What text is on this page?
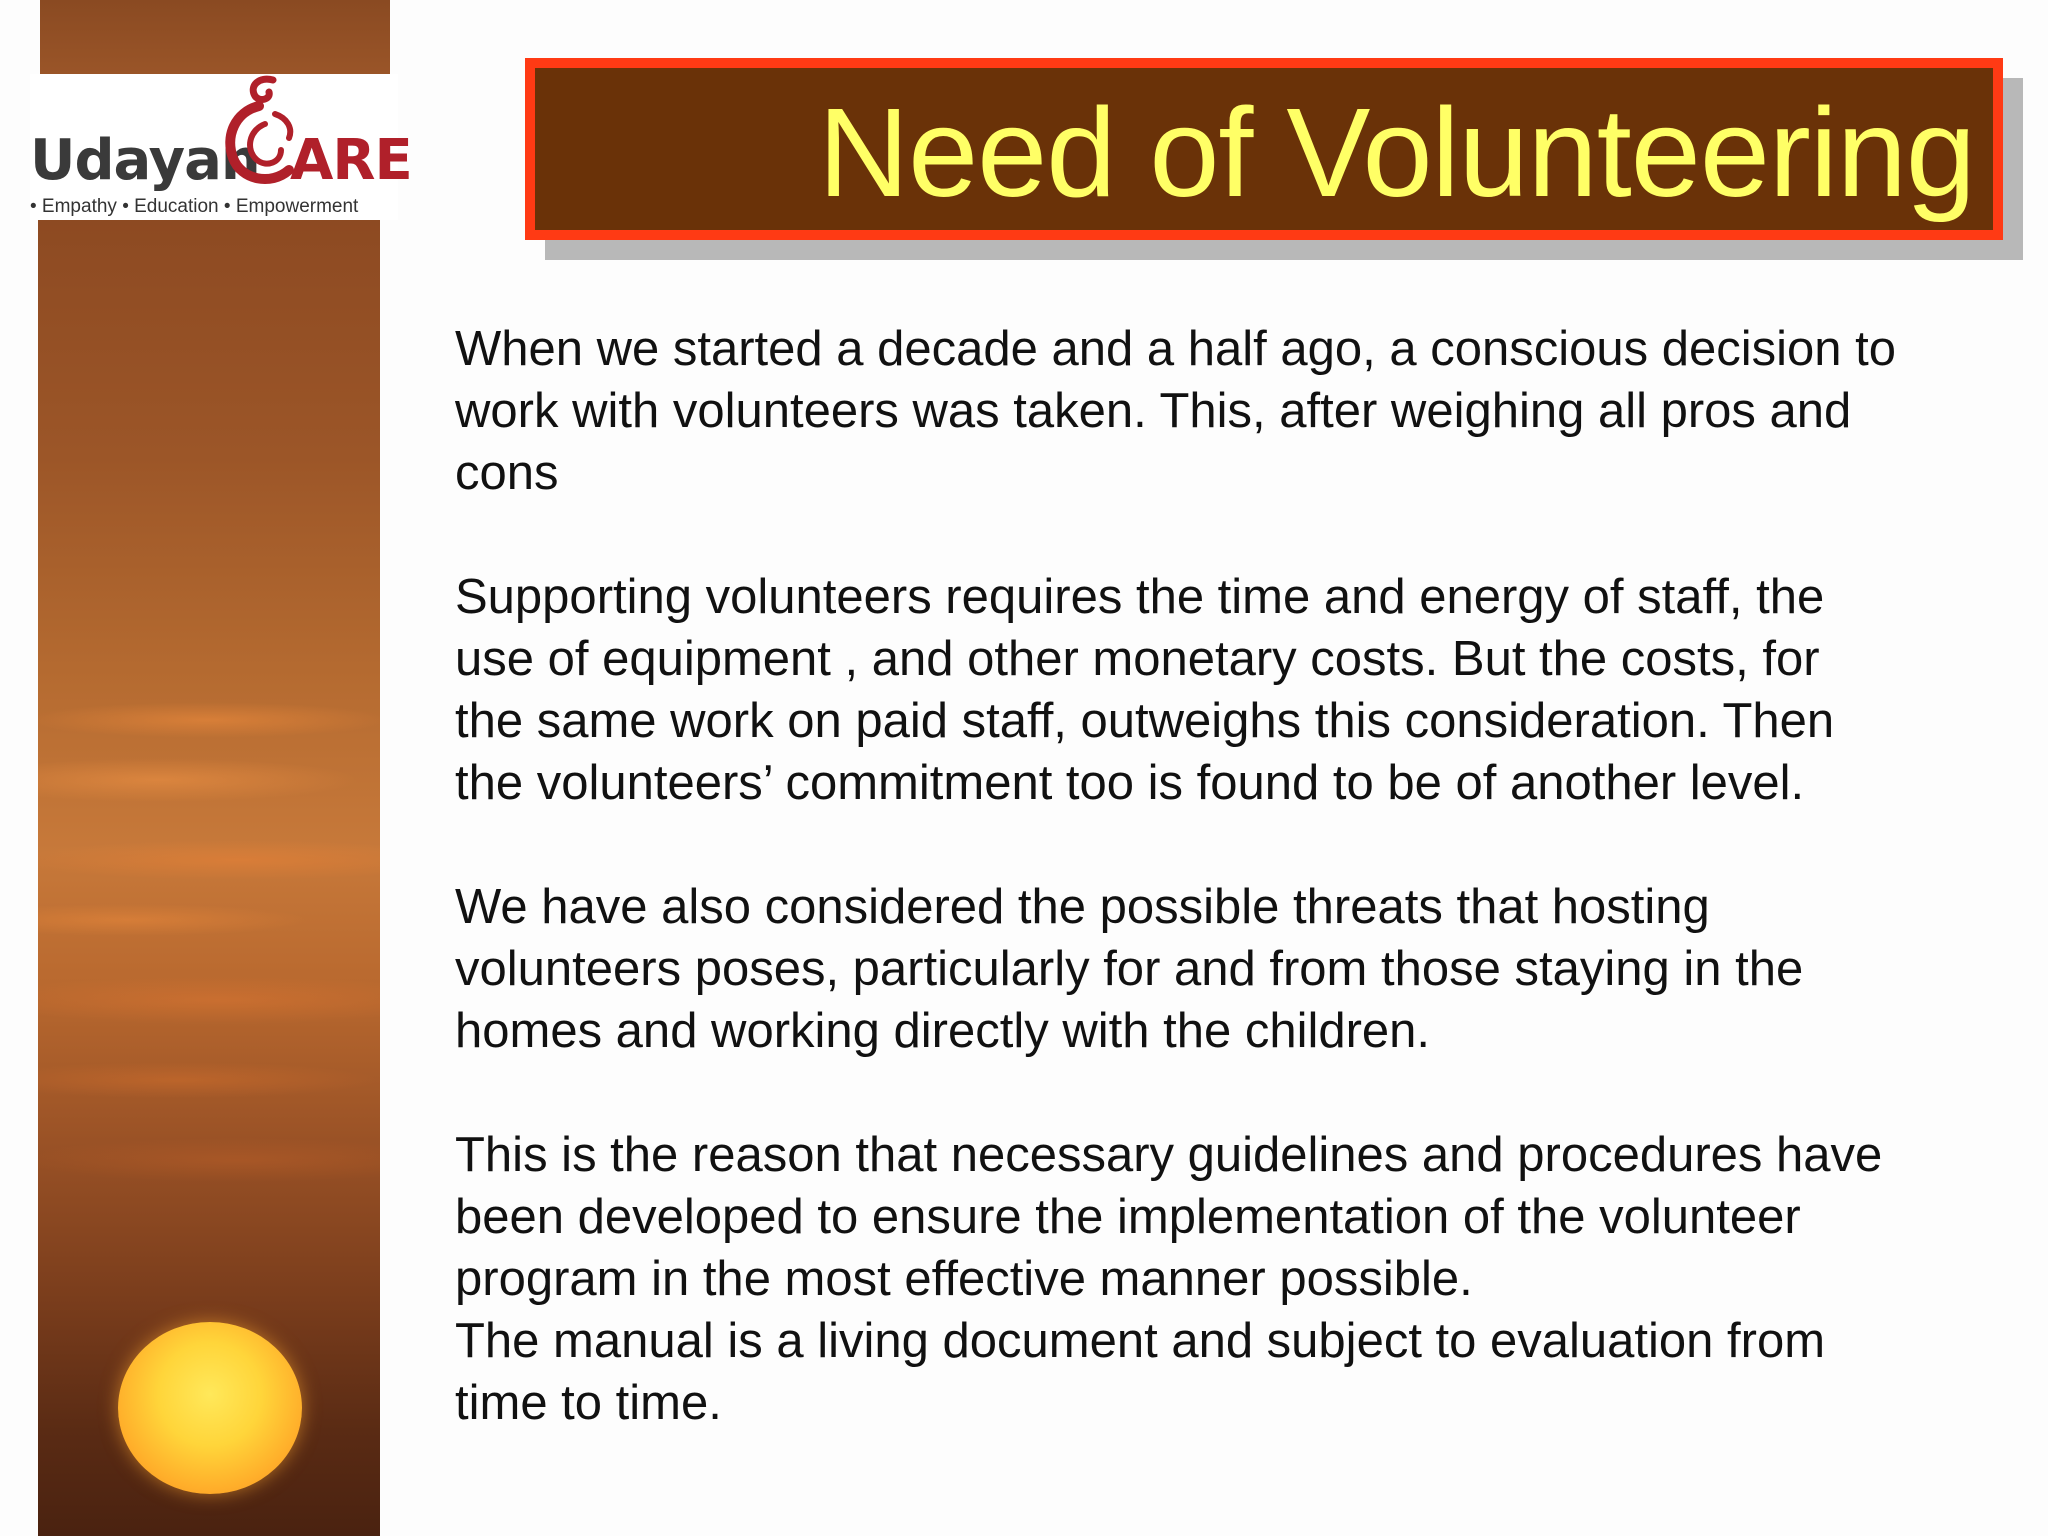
Udayan ARE
• Empathy • Education • Empowerment	Need of Volunteering

When we started a decade and a half ago, a conscious decision to
work with volunteers was taken. This, after weighing all pros and
cons

Supporting volunteers requires the time and energy of staff, the
use of equipment , and other monetary costs. But the costs, for
the same work on paid staff, outweighs this consideration. Then
the volunteers’ commitment too is found to be of another level.

We have also considered the possible threats that hosting
volunteers poses, particularly for and from those staying in the
homes and working directly with the children.

This is the reason that necessary guidelines and procedures have
been developed to ensure the implementation of the volunteer
program in the most effective manner possible.

The manual is a living document and subject to evaluation from
time to time.
